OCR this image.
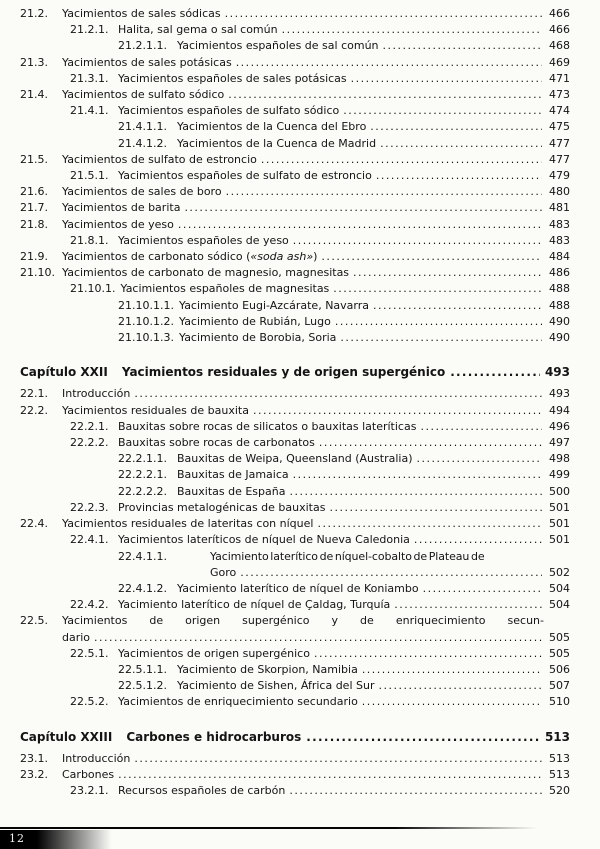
21.2.	Yacimientos de sales sódicas .....	466
21.2.1. Halita, sal gema o sal común .....	466
21.2.1.1. Yacimientos españoles de sal común .....	468
21.3.	Yacimientos de sales potásicas .....	469
21.3.1. Yacimientos españoles de sales potásicas .....	471
21.4.	Yacimientos de sulfato sódico .....	473
21.4.1. Yacimientos españoles de sulfato sódico .....	474
21.4.1.1. Yacimientos de la Cuenca del Ebro .....	475
21.4.1.2. Yacimientos de la Cuenca de Madrid .....	477
21.5.	Yacimientos de sulfato de estroncio .....	477
21.5.1. Yacimientos españoles de sulfato de estroncio .....	479
21.6.	Yacimientos de sales de boro .....	480
21.7.	Yacimientos de barita .....	481
21.8.	Yacimientos de yeso .....	483
21.8.1. Yacimientos españoles de yeso .....	483
21.9.	Yacimientos de carbonato sódico («soda ash») .....	484
21.10. Yacimientos de carbonato de magnesio, magnesitas .....	486
21.10.1. Yacimientos españoles de magnesitas .....	488
21.10.1.1. Yacimiento Eugi-Azcárate, Navarra .....	488
21.10.1.2. Yacimiento de Rubián, Lugo .....	490
21.10.1.3. Yacimiento de Borobia, Soria .....	490
Capítulo XXII Yacimientos residuales y de origen supergénico .....	493
22.1.	Introducción .....	493
22.2.	Yacimientos residuales de bauxita .....	494
22.2.1. Bauxitas sobre rocas de silicatos o bauxitas lateríticas .....	496
22.2.2. Bauxitas sobre rocas de carbonatos .....	497
22.2.1.1. Bauxitas de Weipa, Queensland (Australia) .....	498
22.2.2.1. Bauxitas de Jamaica .....	499
22.2.2.2. Bauxitas de España .....	500
22.2.3. Provincias metalogénicas de bauxitas .....	501
22.4.	Yacimientos residuales de lateritas con níquel .....	501
22.4.1. Yacimientos lateríticos de níquel de Nueva Caledonia .....	501
22.4.1.1.	Yacimiento laterítico de níquel-cobalto de Plateau de
Goro .....	502
22.4.1.2. Yacimiento laterítico de níquel de Koniambo .....	504
22.4.2. Yacimiento laterítico de níquel de Çaldag, Turquía .....	504
22.5.	Yacimientos de origen supergénico y de enriquecimiento secun-
dario .....	505
22.5.1. Yacimientos de origen supergénico .....	505
22.5.1.1. Yacimiento de Skorpion, Namibia .....	506
22.5.1.2. Yacimiento de Sishen, África del Sur .....	507
22.5.2. Yacimientos de enriquecimiento secundario .....	510
Capítulo XXIII Carbones e hidrocarburos .....	513
23.1.	Introducción .....	513
23.2.	Carbones .....	513
23.2.1. Recursos españoles de carbón .....	520
12
